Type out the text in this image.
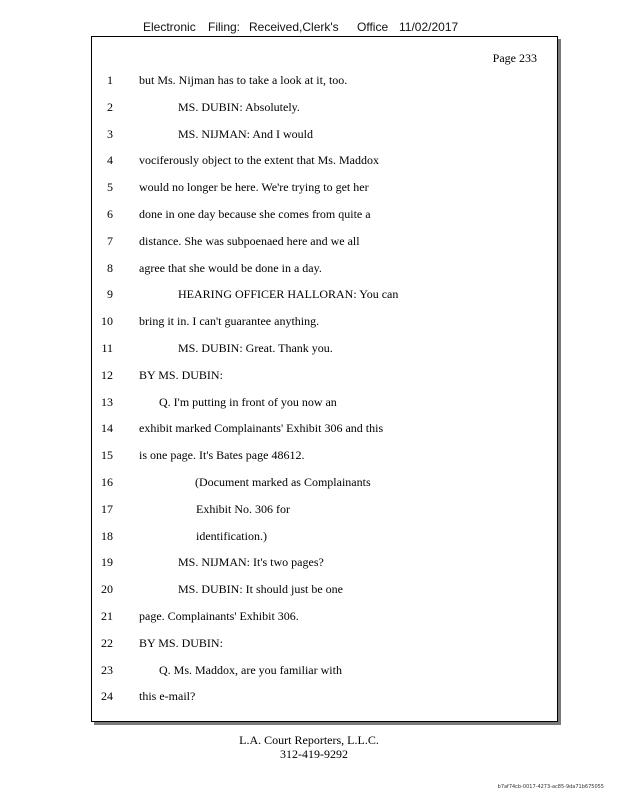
Electronic Filing: Received,Clerk's Office 11/02/2017
Page 233
1 but Ms. Nijman has to take a look at it, too.
2	MS. DUBIN: Absolutely.
3	MS. NIJMAN: And I would
4 vociferously object to the extent that Ms. Maddox
5 would no longer be here. We're trying to get her
6 done in one day because she comes from quite a
7 distance. She was subpoenaed here and we all
8 agree that she would be done in a day.
9	HEARING OFFICER HALLORAN: You can
10 bring it in. I can't guarantee anything.
11	MS. DUBIN: Great. Thank you.
12 BY MS. DUBIN:
13	Q. I'm putting in front of you now an
14 exhibit marked Complainants' Exhibit 306 and this
15 is one page. It's Bates page 48612.
16	(Document marked as Complainants
17	Exhibit No. 306 for
18	identification.)
19	MS. NIJMAN: It's two pages?
20	MS. DUBIN: It should just be one
21 page. Complainants' Exhibit 306.
22 BY MS. DUBIN:
23	Q. Ms. Maddox, are you familiar with
24 this e-mail?
L.A. Court Reporters, L.L.C.
312-419-9292
b7af74cb-0017-4273-ac85-9da71b675055
